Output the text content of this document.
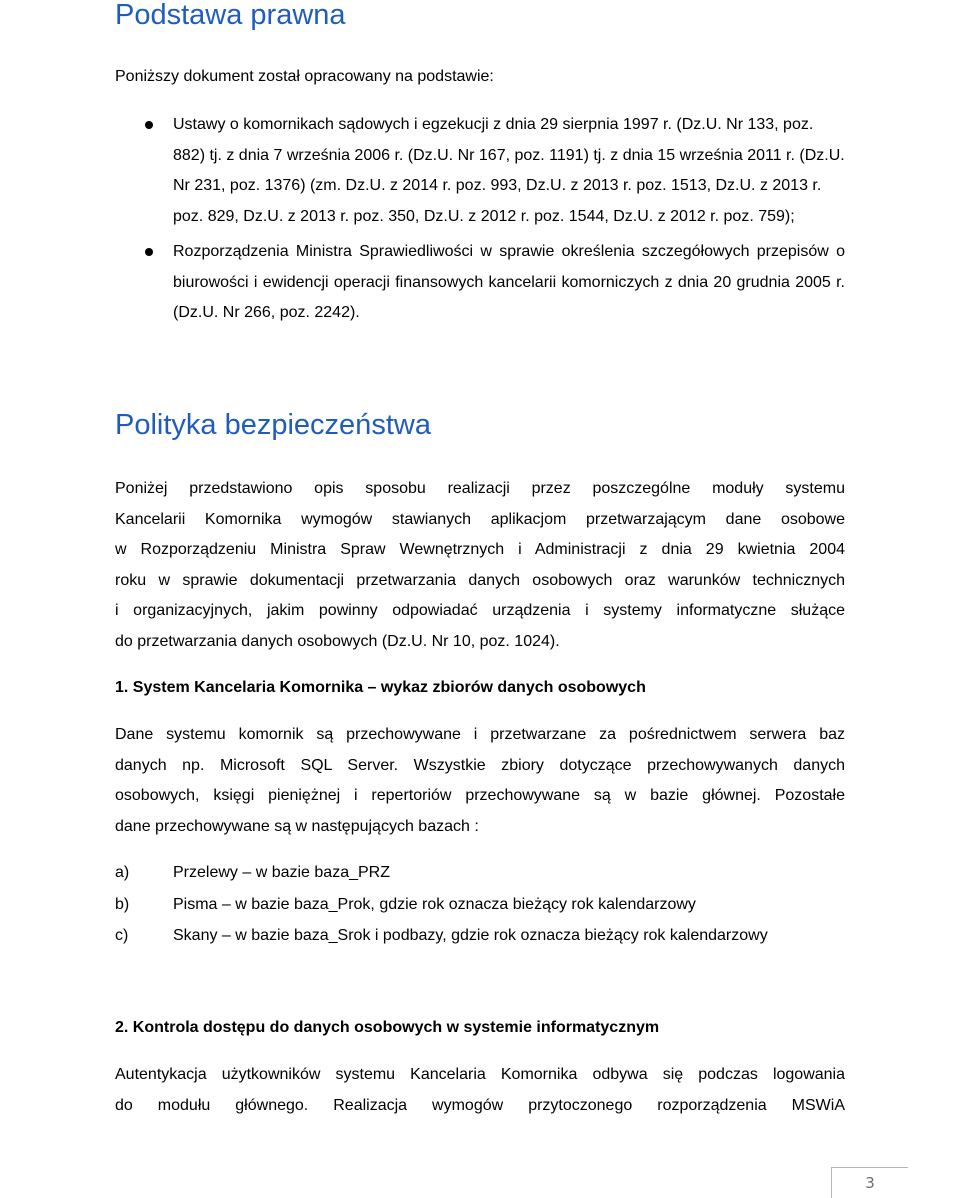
Podstawa prawna

Poniższy dokument został opracowany na podstawie:

Ustawy o komornikach sądowych i egzekucji z dnia 29 sierpnia 1997 r. (Dz.U. Nr 133, poz. 882) tj. z dnia 7 września 2006 r. (Dz.U. Nr 167, poz. 1191) tj. z dnia 15 września 2011 r. (Dz.U. Nr 231, poz. 1376) (zm. Dz.U. z 2014 r. poz. 993, Dz.U. z 2013 r. poz. 1513, Dz.U. z 2013 r. poz. 829, Dz.U. z 2013 r. poz. 350, Dz.U. z 2012 r. poz. 1544, Dz.U. z 2012 r. poz. 759);
Rozporządzenia Ministra Sprawiedliwości w sprawie określenia szczegółowych przepisów o biurowości i ewidencji operacji finansowych kancelarii komorniczych z dnia 20 grudnia 2005 r. (Dz.U. Nr 266, poz. 2242).
Polityka bezpieczeństwa
Poniżej przedstawiono opis sposobu realizacji przez poszczególne moduły systemu
Kancelarii Komornika wymogów stawianych aplikacjom przetwarzającym dane osobowe
w Rozporządzeniu Ministra Spraw Wewnętrznych i Administracji z dnia 29 kwietnia 2004
roku w sprawie dokumentacji przetwarzania danych osobowych oraz warunków technicznych
i organizacyjnych, jakim powinny odpowiadać urządzenia i systemy informatyczne służące
do przetwarzania danych osobowych (Dz.U. Nr 10, poz. 1024).

1. System Kancelaria Komornika – wykaz zbiorów danych osobowych

Dane systemu komornik są przechowywane i przetwarzane za pośrednictwem serwera baz
danych np. Microsoft SQL Server. Wszystkie zbiory dotyczące przechowywanych danych
osobowych, księgi pieniężnej i repertoriów przechowywane są w bazie głównej. Pozostałe
dane przechowywane są w następujących bazach :
a)	Przelewy – w bazie baza_PRZ
b)	Pisma – w bazie baza_Prok, gdzie rok oznacza bieżący rok kalendarzowy
c)	Skany – w bazie baza_Srok i podbazy, gdzie rok oznacza bieżący rok kalendarzowy

2. Kontrola dostępu do danych osobowych w systemie informatycznym

Autentykacja użytkowników systemu Kancelaria Komornika odbywa się podczas logowania
do modułu głównego. Realizacja wymogów przytoczonego rozporządzenia MSWiA
3
